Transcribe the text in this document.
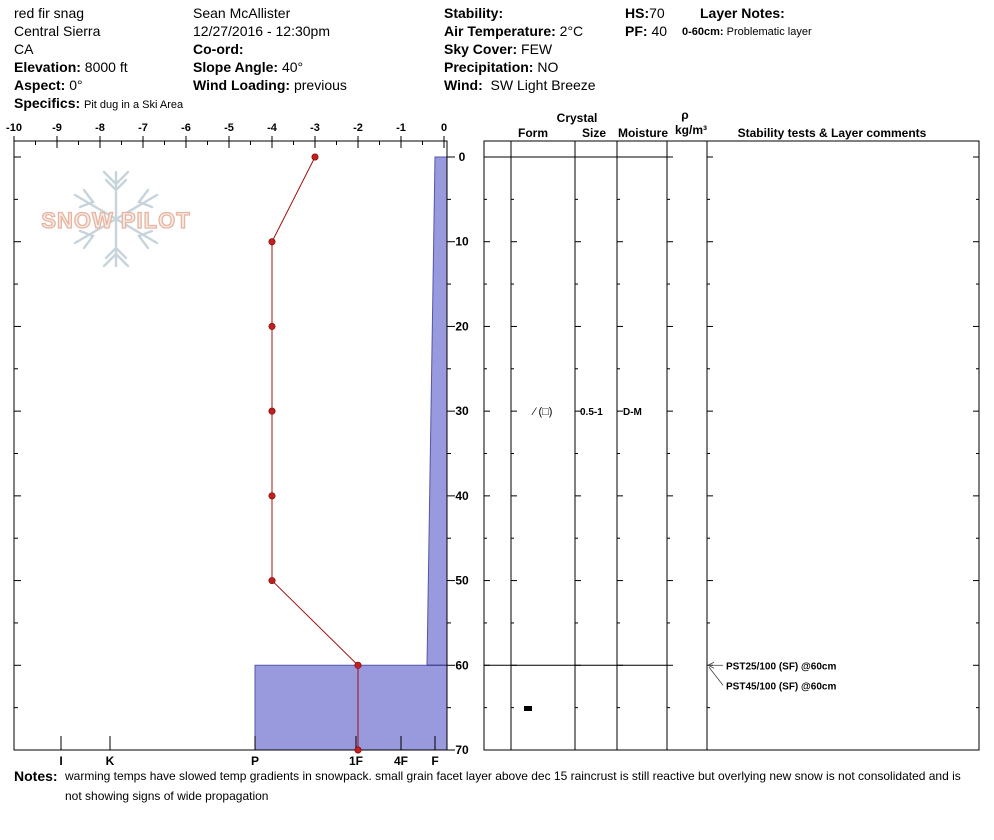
red fir snag
Central Sierra
CA
Elevation: 8000 ft
Aspect: 0°
Specifics: Pit dug in a Ski Area
Sean McAllister
12/27/2016 - 12:30pm
Co-ord:
Slope Angle: 40°
Wind Loading: previous
Stability:
Air Temperature: 2°C
Sky Cover: FEW
Precipitation: NO
Wind: SW Light Breeze
HS:70
PF: 40
Layer Notes:
0-60cm: Problematic layer
SNOW PILOT
-10	-9	-8	-7	-6	-5	-4	-3	-2	-1	0
0
10
20
30
40
50
60
70
I	K	P	1F	4F F
Crystal
Form	Size Moisture
ρ
kg/m³	Stability tests & Layer comments
⁄ (□)	0.5-1 D-M
PST25/100 (SF) @60cm
PST45/100 (SF) @60cm
Notes: warming temps have slowed temp gradients in snowpack. small grain facet layer above dec 15 raincrust is still reactive but overlying new snow is not consolidated and is not showing signs of wide propagation
